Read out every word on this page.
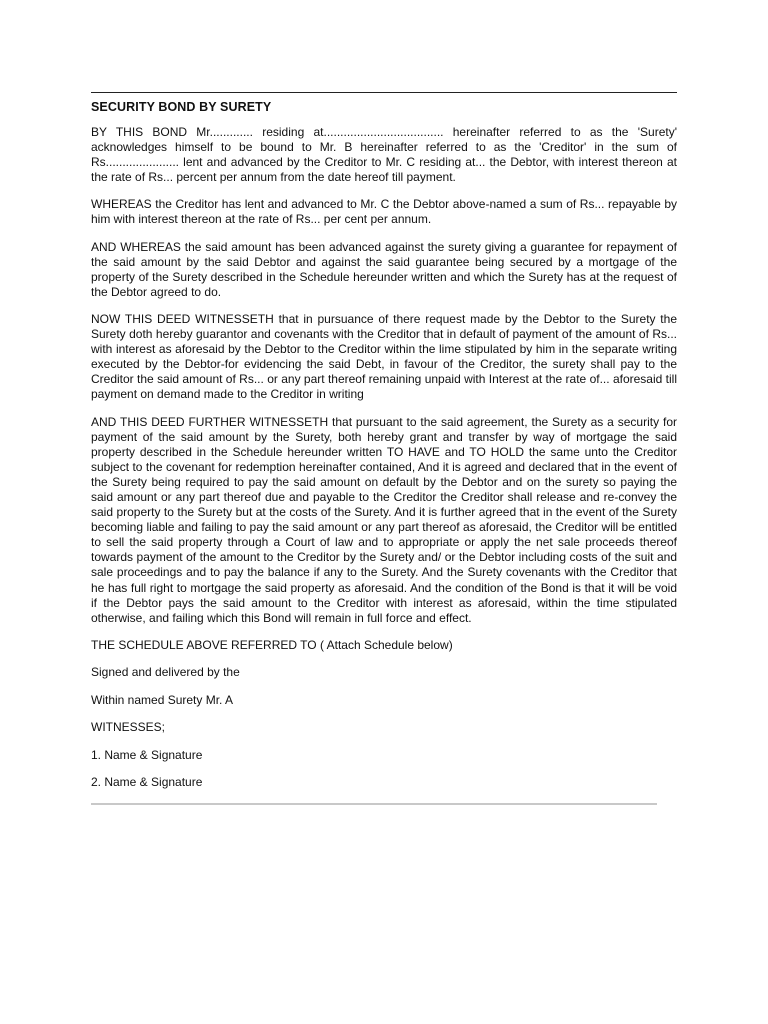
SECURITY BOND BY SURETY

BY THIS BOND Mr............. residing at.................................... hereinafter referred to as the 'Surety' acknowledges himself to be bound to Mr. B hereinafter referred to as the 'Creditor' in the sum of Rs...................... lent and advanced by the Creditor to Mr. C residing at... the Debtor, with interest thereon at the rate of Rs... percent per annum from the date hereof till payment.

WHEREAS the Creditor has lent and advanced to Mr. C the Debtor above-named a sum of Rs... repayable by him with interest thereon at the rate of Rs... per cent per annum.

AND WHEREAS the said amount has been advanced against the surety giving a guarantee for repayment of the said amount by the said Debtor and against the said guarantee being secured by a mortgage of the property of the Surety described in the Schedule hereunder written and which the Surety has at the request of the Debtor agreed to do.

NOW THIS DEED WITNESSETH that in pursuance of there request made by the Debtor to the Surety the Surety doth hereby guarantor and covenants with the Creditor that in default of payment of the amount of Rs... with interest as aforesaid by the Debtor to the Creditor within the lime stipulated by him in the separate writing executed by the Debtor-for evidencing the said Debt, in favour of the Creditor, the surety shall pay to the Creditor the said amount of Rs... or any part thereof remaining unpaid with Interest at the rate of... aforesaid till payment on demand made to the Creditor in writing

AND THIS DEED FURTHER WITNESSETH that pursuant to the said agreement, the Surety as a security for payment of the said amount by the Surety, both hereby grant and transfer by way of mortgage the said property described in the Schedule hereunder written TO HAVE and TO HOLD the same unto the Creditor subject to the covenant for redemption hereinafter contained, And it is agreed and declared that in the event of the Surety being required to pay the said amount on default by the Debtor and on the surety so paying the said amount or any part thereof due and payable to the Creditor the Creditor shall release and re-convey the said property to the Surety but at the costs of the Surety. And it is further agreed that in the event of the Surety becoming liable and failing to pay the said amount or any part thereof as aforesaid, the Creditor will be entitled to sell the said property through a Court of law and to appropriate or apply the net sale proceeds thereof towards payment of the amount to the Creditor by the Surety and/ or the Debtor including costs of the suit and sale proceedings and to pay the balance if any to the Surety. And the Surety covenants with the Creditor that he has full right to mortgage the said property as aforesaid. And the condition of the Bond is that it will be void if the Debtor pays the said amount to the Creditor with interest as aforesaid, within the time stipulated otherwise, and failing which this Bond will remain in full force and effect.

THE SCHEDULE ABOVE REFERRED TO ( Attach Schedule below)
Signed and delivered by the
Within named Surety Mr. A
WITNESSES;
1. Name & Signature
2. Name & Signature
